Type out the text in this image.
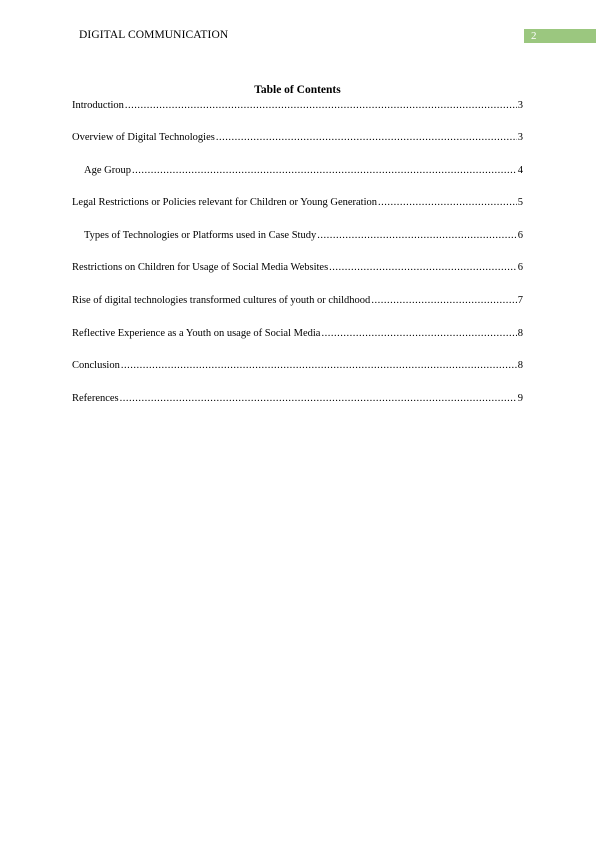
DIGITAL COMMUNICATION	2
Table of Contents
Introduction .....	3
Overview of Digital Technologies .....	3
Age Group .....	4
Legal Restrictions or Policies relevant for Children or Young Generation .....	5
Types of Technologies or Platforms used in Case Study .....	6
Restrictions on Children for Usage of Social Media Websites .....	6
Rise of digital technologies transformed cultures of youth or childhood .....	7
Reflective Experience as a Youth on usage of Social Media .....	8
Conclusion .....	8
References .....	9
